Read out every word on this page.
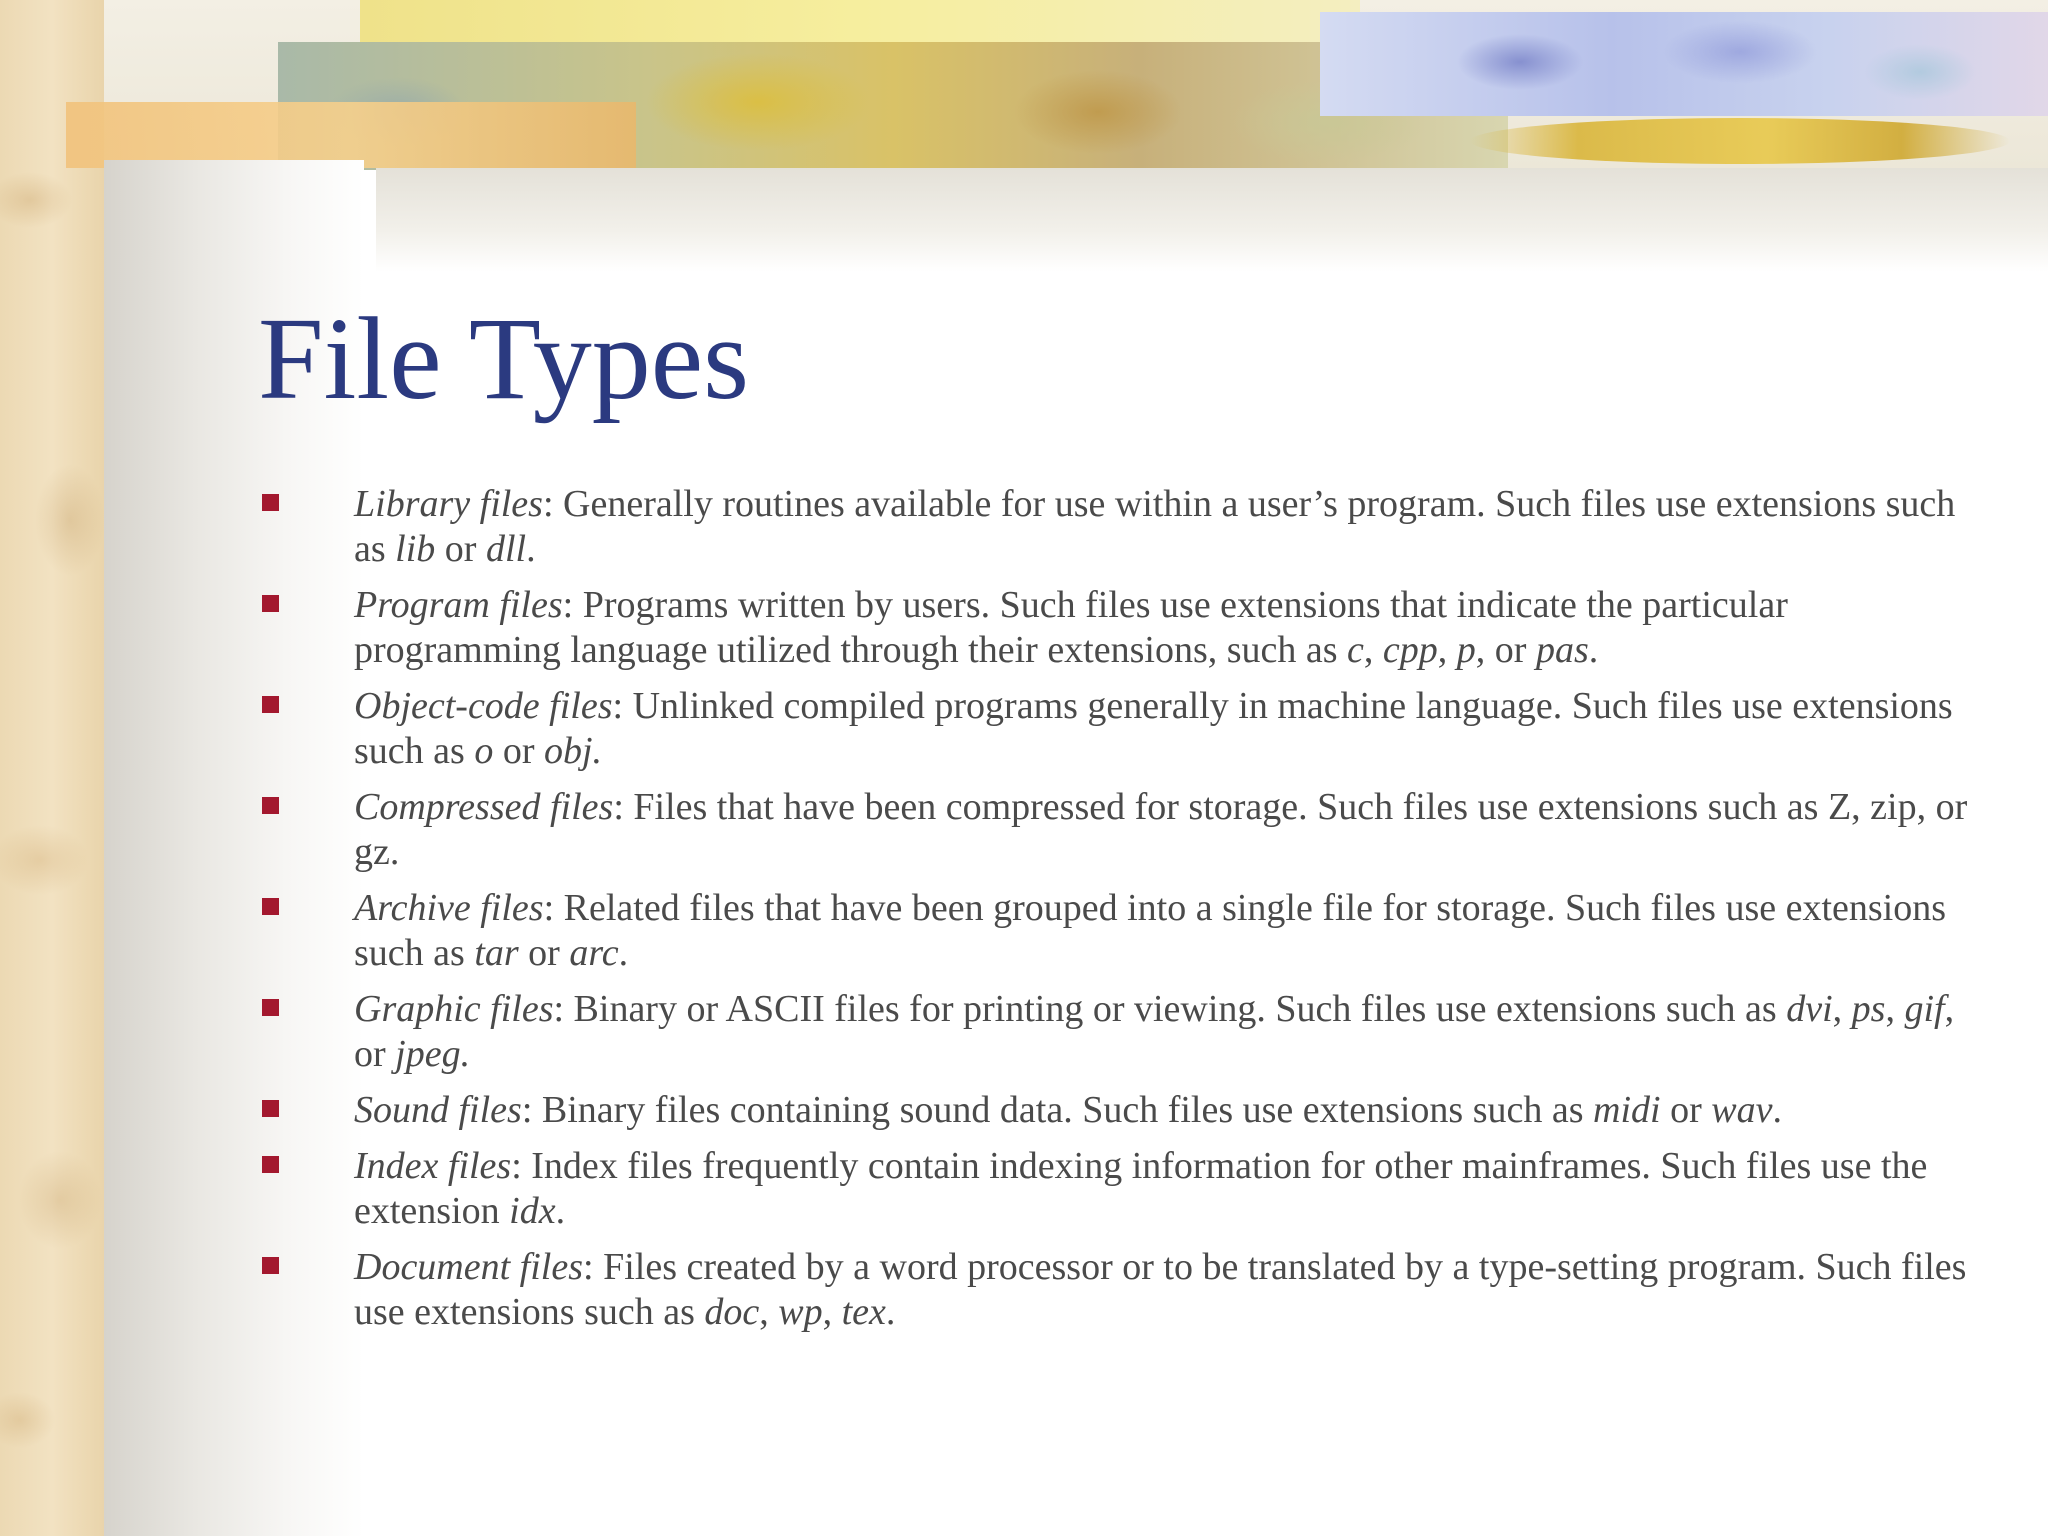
File Types
Library files: Generally routines available for use within a user’s program. Such files use extensions such as lib or dll.
Program files: Programs written by users. Such files use extensions that indicate the particular programming language utilized through their extensions, such as c, cpp, p, or pas.
Object-code files: Unlinked compiled programs generally in machine language. Such files use extensions such as o or obj.
Compressed files: Files that have been compressed for storage. Such files use extensions such as Z, zip, or gz.
Archive files: Related files that have been grouped into a single file for storage. Such files use extensions such as tar or arc.
Graphic files: Binary or ASCII files for printing or viewing. Such files use extensions such as dvi, ps, gif, or jpeg.
Sound files: Binary files containing sound data. Such files use extensions such as midi or wav.
Index files: Index files frequently contain indexing information for other mainframes. Such files use the extension idx.
Document files: Files created by a word processor or to be translated by a type-setting program. Such files use extensions such as doc, wp, tex.
